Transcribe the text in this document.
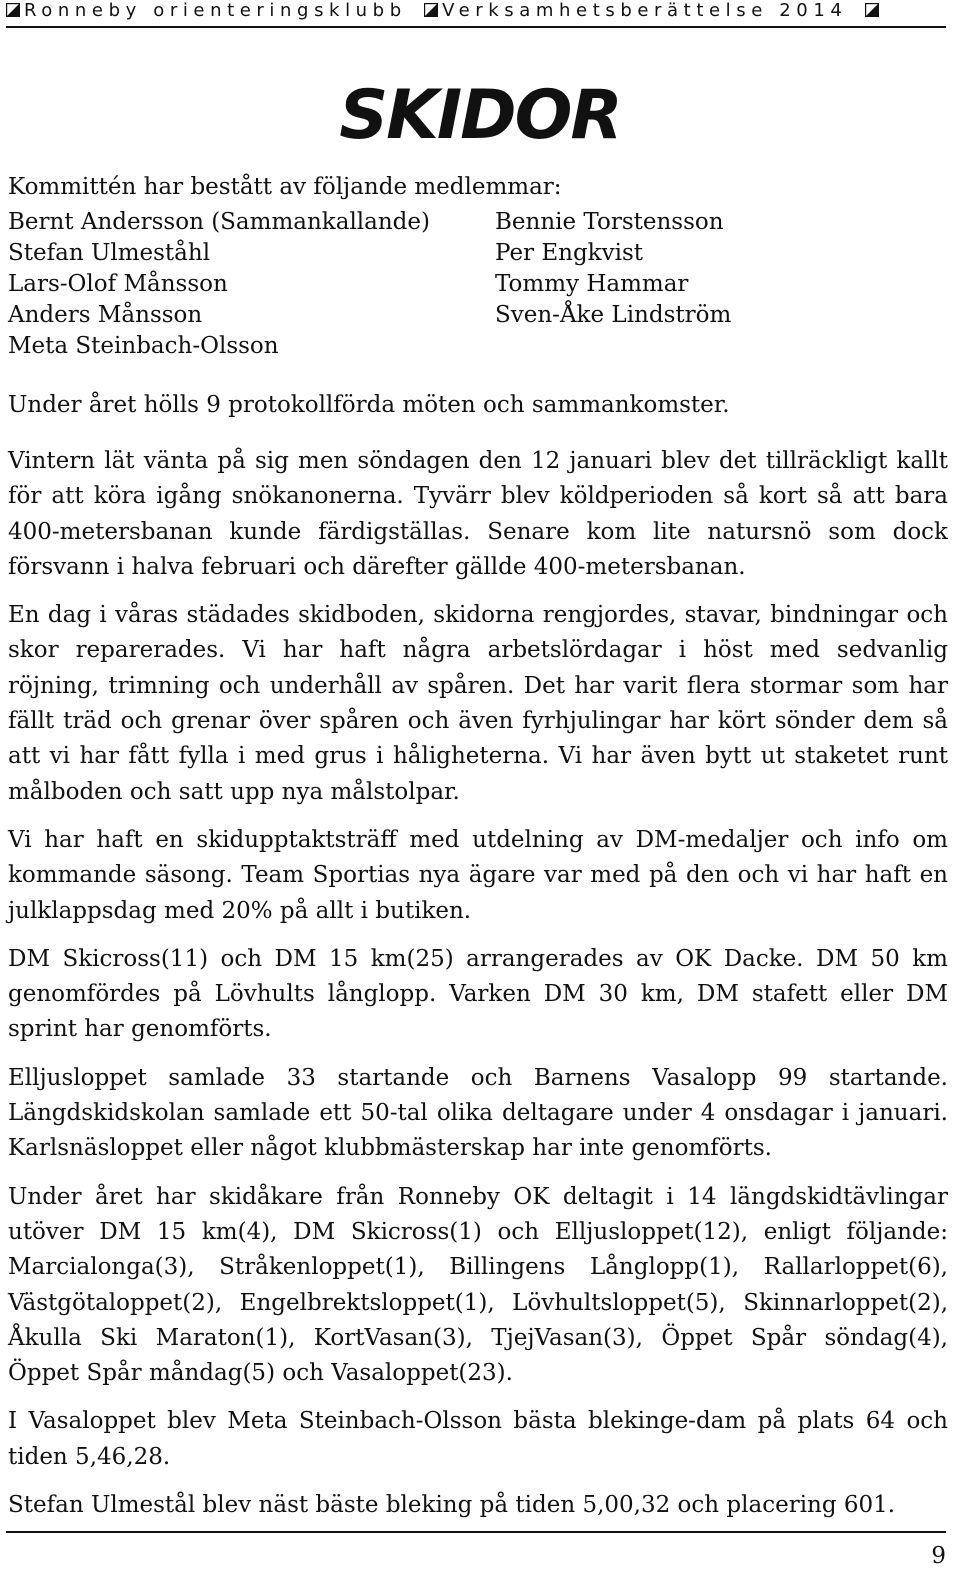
Ronneby orienteringsklubb Verksamhetsberättelse 2014
SKIDOR

Kommittén har bestått av följande medlemmar:

Bernt Andersson (Sammankallande)
Stefan Ulmeståhl
Lars-Olof Månsson
Anders Månsson
Meta Steinbach-Olsson
Bennie Torstensson
Per Engkvist
Tommy Hammar
Sven-Åke Lindström

Under året hölls 9 protokollförda möten och sammankomster.

Vintern lät vänta på sig men söndagen den 12 januari blev det tillräckligt kallt för att köra igång snökanonerna. Tyvärr blev köldperioden så kort så att bara 400-metersbanan kunde färdigställas. Senare kom lite natursnö som dock försvann i halva februari och därefter gällde 400-metersbanan.

En dag i våras städades skidboden, skidorna rengjordes, stavar, bindningar och skor reparerades. Vi har haft några arbetslördagar i höst med sedvanlig röjning, trimning och underhåll av spåren. Det har varit flera stormar som har fällt träd och grenar över spåren och även fyrhjulingar har kört sönder dem så att vi har fått fylla i med grus i håligheterna. Vi har även bytt ut staketet runt målboden och satt upp nya målstolpar.

Vi har haft en skidupptaktsträff med utdelning av DM-medaljer och info om kommande säsong. Team Sportias nya ägare var med på den och vi har haft en julklappsdag med 20% på allt i butiken.

DM Skicross(11) och DM 15 km(25) arrangerades av OK Dacke. DM 50 km genomfördes på Lövhults långlopp. Varken DM 30 km, DM stafett eller DM sprint har genomförts.

Elljusloppet samlade 33 startande och Barnens Vasalopp 99 startande. Längdskidskolan samlade ett 50-tal olika deltagare under 4 onsdagar i januari. Karlsnäsloppet eller något klubbmästerskap har inte genomförts.

Under året har skidåkare från Ronneby OK deltagit i 14 längdskidtävlingar utöver DM 15 km(4), DM Skicross(1) och Elljusloppet(12), enligt följande: Marcialonga(3), Stråkenloppet(1), Billingens Långlopp(1), Rallarloppet(6), Västgötaloppet(2), Engelbrektsloppet(1), Lövhultsloppet(5), Skinnarloppet(2), Åkulla Ski Maraton(1), KortVasan(3), TjejVasan(3), Öppet Spår söndag(4), Öppet Spår måndag(5) och Vasaloppet(23).

I Vasaloppet blev Meta Steinbach-Olsson bästa blekinge-dam på plats 64 och tiden 5,46,28.

Stefan Ulmestål blev näst bäste bleking på tiden 5,00,32 och placering 601.

9
